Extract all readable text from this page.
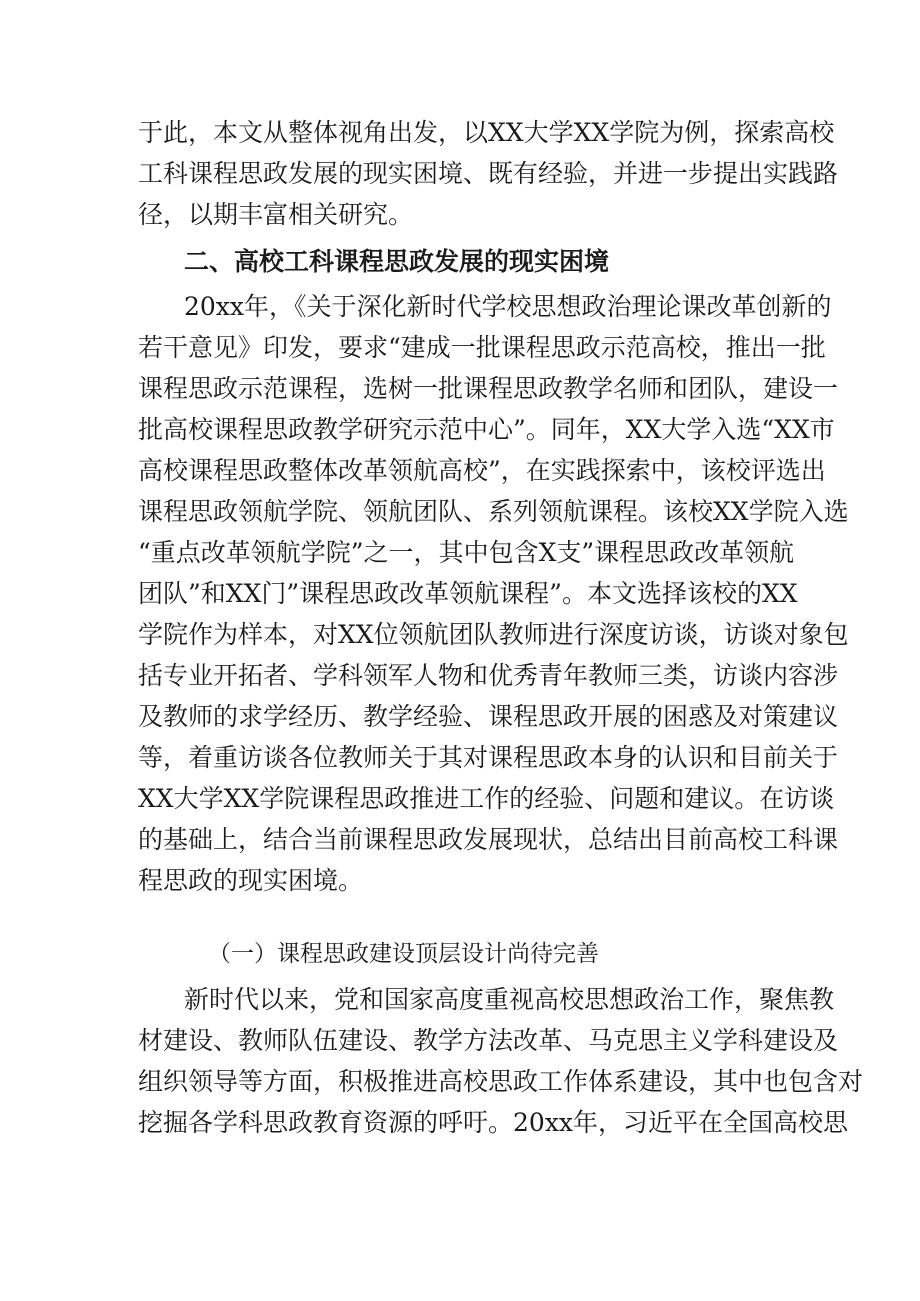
于此，本文从整体视角出发，以XX大学XX学院为例，探索高校
工科课程思政发展的现实困境、既有经验，并进一步提出实践路
径，以期丰富相关研究。
二、高校工科课程思政发展的现实困境
20xx年，《关于深化新时代学校思想政治理论课改革创新的
若干意见》印发，要求“建成一批课程思政示范高校，推出一批
课程思政示范课程，选树一批课程思政教学名师和团队，建设一
批高校课程思政教学研究示范中心”。同年，XX大学入选“XX市
高校课程思政整体改革领航高校”，在实践探索中，该校评选出
课程思政领航学院、领航团队、系列领航课程。该校XX学院入选
“重点改革领航学院”之一，其中包含X支”课程思政改革领航
团队”和XX门”课程思政改革领航课程”。本文选择该校的XX
学院作为样本，对XX位领航团队教师进行深度访谈，访谈对象包
括专业开拓者、学科领军人物和优秀青年教师三类，访谈内容涉
及教师的求学经历、教学经验、课程思政开展的困惑及对策建议
等，着重访谈各位教师关于其对课程思政本身的认识和目前关于
XX大学XX学院课程思政推进工作的经验、问题和建议。在访谈
的基础上，结合当前课程思政发展现状，总结出目前高校工科课
程思政的现实困境。
（一）课程思政建设顶层设计尚待完善
新时代以来，党和国家高度重视高校思想政治工作，聚焦教
材建设、教师队伍建设、教学方法改革、马克思主义学科建设及
组织领导等方面，积极推进高校思政工作体系建设，其中也包含对
挖掘各学科思政教育资源的呼吁。20xx年，习近平在全国高校思
